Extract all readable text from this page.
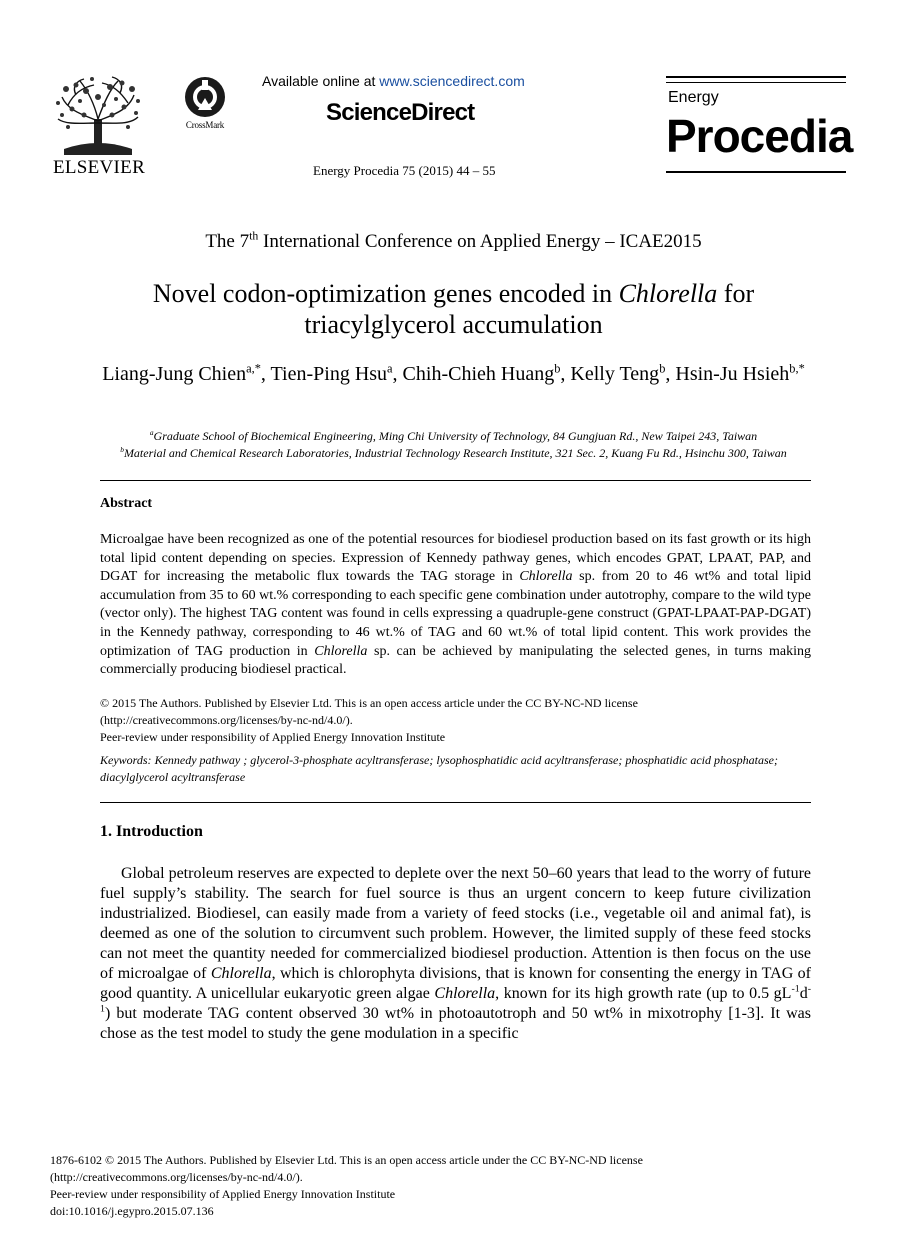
ELSEVIER
CrossMark
Available online at www.sciencedirect.com
ScienceDirect
Energy Procedia 75 (2015) 44 – 55
Energy
Procedia
The 7th International Conference on Applied Energy – ICAE2015
Novel codon-optimization genes encoded in Chlorella for triacylglycerol accumulation
Liang-Jung Chien$^{a,*}$, Tien-Ping Hsu$^a$, Chih-Chieh Huang$^b$, Kelly Teng$^b$, Hsin-Ju Hsieh$^{b,*}$
$^a$Graduate School of Biochemical Engineering, Ming Chi University of Technology, 84 Gungjuan Rd., New Taipei 243, Taiwan
$^b$Material and Chemical Research Laboratories, Industrial Technology Research Institute, 321 Sec. 2, Kuang Fu Rd., Hsinchu 300, Taiwan
Abstract
Microalgae have been recognized as one of the potential resources for biodiesel production based on its fast growth or its high total lipid content depending on species. Expression of Kennedy pathway genes, which encodes GPAT, LPAAT, PAP, and DGAT for increasing the metabolic flux towards the TAG storage in Chlorella sp. from 20 to 46 wt% and total lipid accumulation from 35 to 60 wt.% corresponding to each specific gene combination under autotrophy, compare to the wild type (vector only). The highest TAG content was found in cells expressing a quadruple-gene construct (GPAT-LPAAT-PAP-DGAT) in the Kennedy pathway, corresponding to 46 wt.% of TAG and 60 wt.% of total lipid content. This work provides the optimization of TAG production in Chlorella sp. can be achieved by manipulating the selected genes, in turns making commercially producing biodiesel practical.
© 2015 The Authors. Published by Elsevier Ltd. This is an open access article under the CC BY-NC-ND license
(http://creativecommons.org/licenses/by-nc-nd/4.0/).
Peer-review under responsibility of Applied Energy Innovation Institute
Keywords: Kennedy pathway ; glycerol-3-phosphate acyltransferase; lysophosphatidic acid acyltransferase; phosphatidic acid phosphatase; diacylglycerol acyltransferase
1. Introduction
Global petroleum reserves are expected to deplete over the next 50–60 years that lead to the worry of future fuel supply’s stability. The search for fuel source is thus an urgent concern to keep future civilization industrialized. Biodiesel, can easily made from a variety of feed stocks (i.e., vegetable oil and animal fat), is deemed as one of the solution to circumvent such problem. However, the limited supply of these feed stocks can not meet the quantity needed for commercialized biodiesel production. Attention is then focus on the use of microalgae of Chlorella, which is chlorophyta divisions, that is known for consenting the energy in TAG of good quantity. A unicellular eukaryotic green algae Chlorella, known for its high growth rate (up to 0.5 $gL^{-1}d^{-1}$) but moderate TAG content observed 30 wt% in photoautotroph and 50 wt% in mixotrophy [1-3]. It was chose as the test model to study the gene modulation in a specific
1876-6102 © 2015 The Authors. Published by Elsevier Ltd. This is an open access article under the CC BY-NC-ND license
(http://creativecommons.org/licenses/by-nc-nd/4.0/).
Peer-review under responsibility of Applied Energy Innovation Institute
doi:10.1016/j.egypro.2015.07.136
